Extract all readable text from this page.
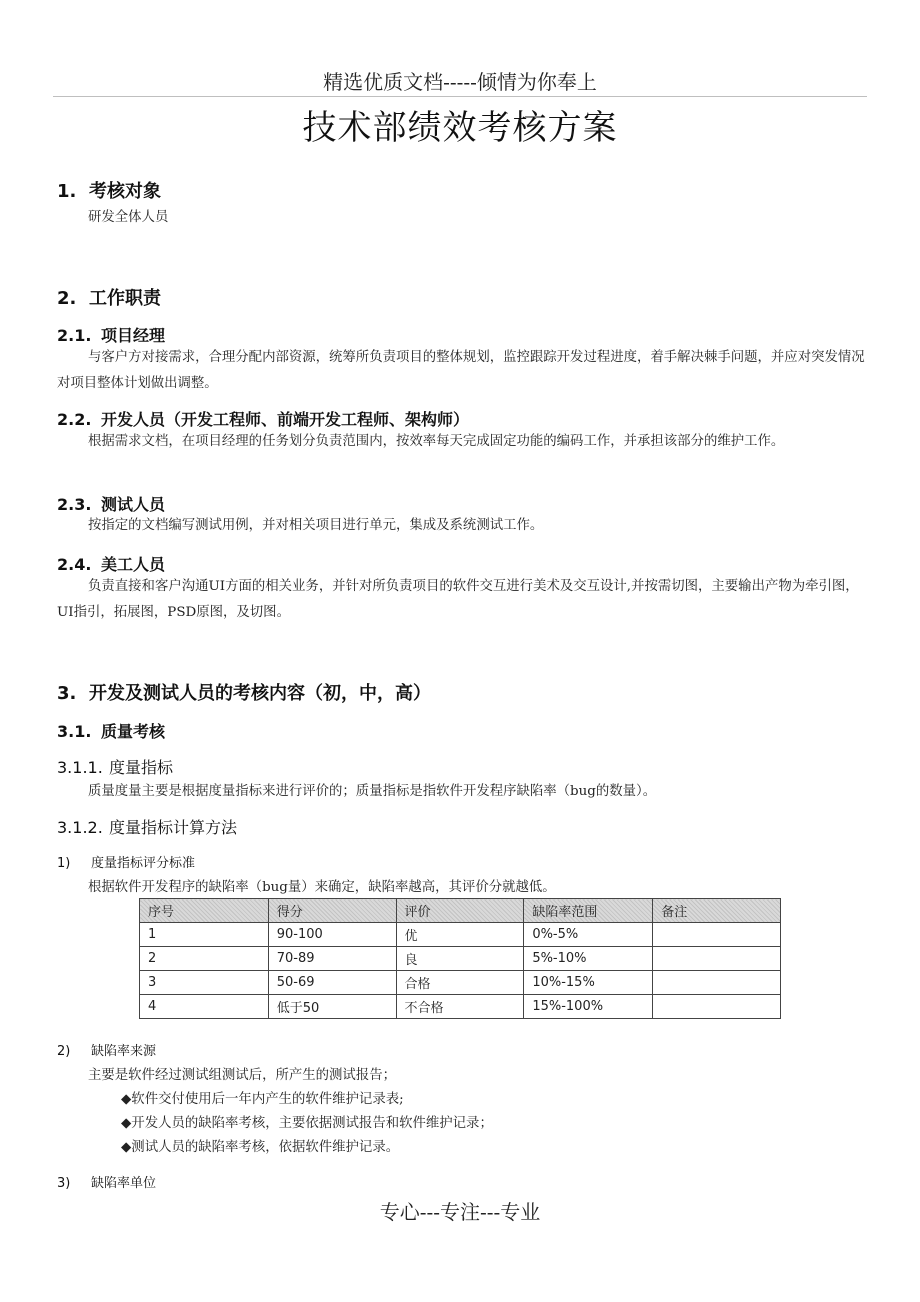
精选优质文档-----倾情为你奉上
技术部绩效考核方案
1. 考核对象
研发全体人员
2. 工作职责
2.1. 项目经理
与客户方对接需求，合理分配内部资源，统筹所负责项目的整体规划，监控跟踪开发过程进度，着手解决棘手问题，并应对突发情况对项目整体计划做出调整。
2.2. 开发人员（开发工程师、前端开发工程师、架构师）
根据需求文档，在项目经理的任务划分负责范围内，按效率每天完成固定功能的编码工作，并承担该部分的维护工作。
2.3. 测试人员
按指定的文档编写测试用例，并对相关项目进行单元，集成及系统测试工作。
2.4. 美工人员
负责直接和客户沟通UI方面的相关业务，并针对所负责项目的软件交互进行美术及交互设计,并按需切图，主要输出产物为牵引图，UI指引，拓展图，PSD原图，及切图。
3. 开发及测试人员的考核内容（初，中，高）
3.1. 质量考核
3.1.1. 度量指标
质量度量主要是根据度量指标来进行评价的；质量指标是指软件开发程序缺陷率（bug的数量）。
3.1.2. 度量指标计算方法
1) 度量指标评分标准
根据软件开发程序的缺陷率（bug量）来确定，缺陷率越高，其评价分就越低。
序号	得分	评价	缺陷率范围	备注
1	90-100	优	0%-5%	
2	70-89	良	5%-10%	
3	50-69	合格	10%-15%	
4	低于50	不合格	15%-100%	
2) 缺陷率来源
主要是软件经过测试组测试后，所产生的测试报告；
◆软件交付使用后一年内产生的软件维护记录表;
◆开发人员的缺陷率考核，主要依据测试报告和软件维护记录；
◆测试人员的缺陷率考核，依据软件维护记录。
3) 缺陷率单位
专心---专注---专业
